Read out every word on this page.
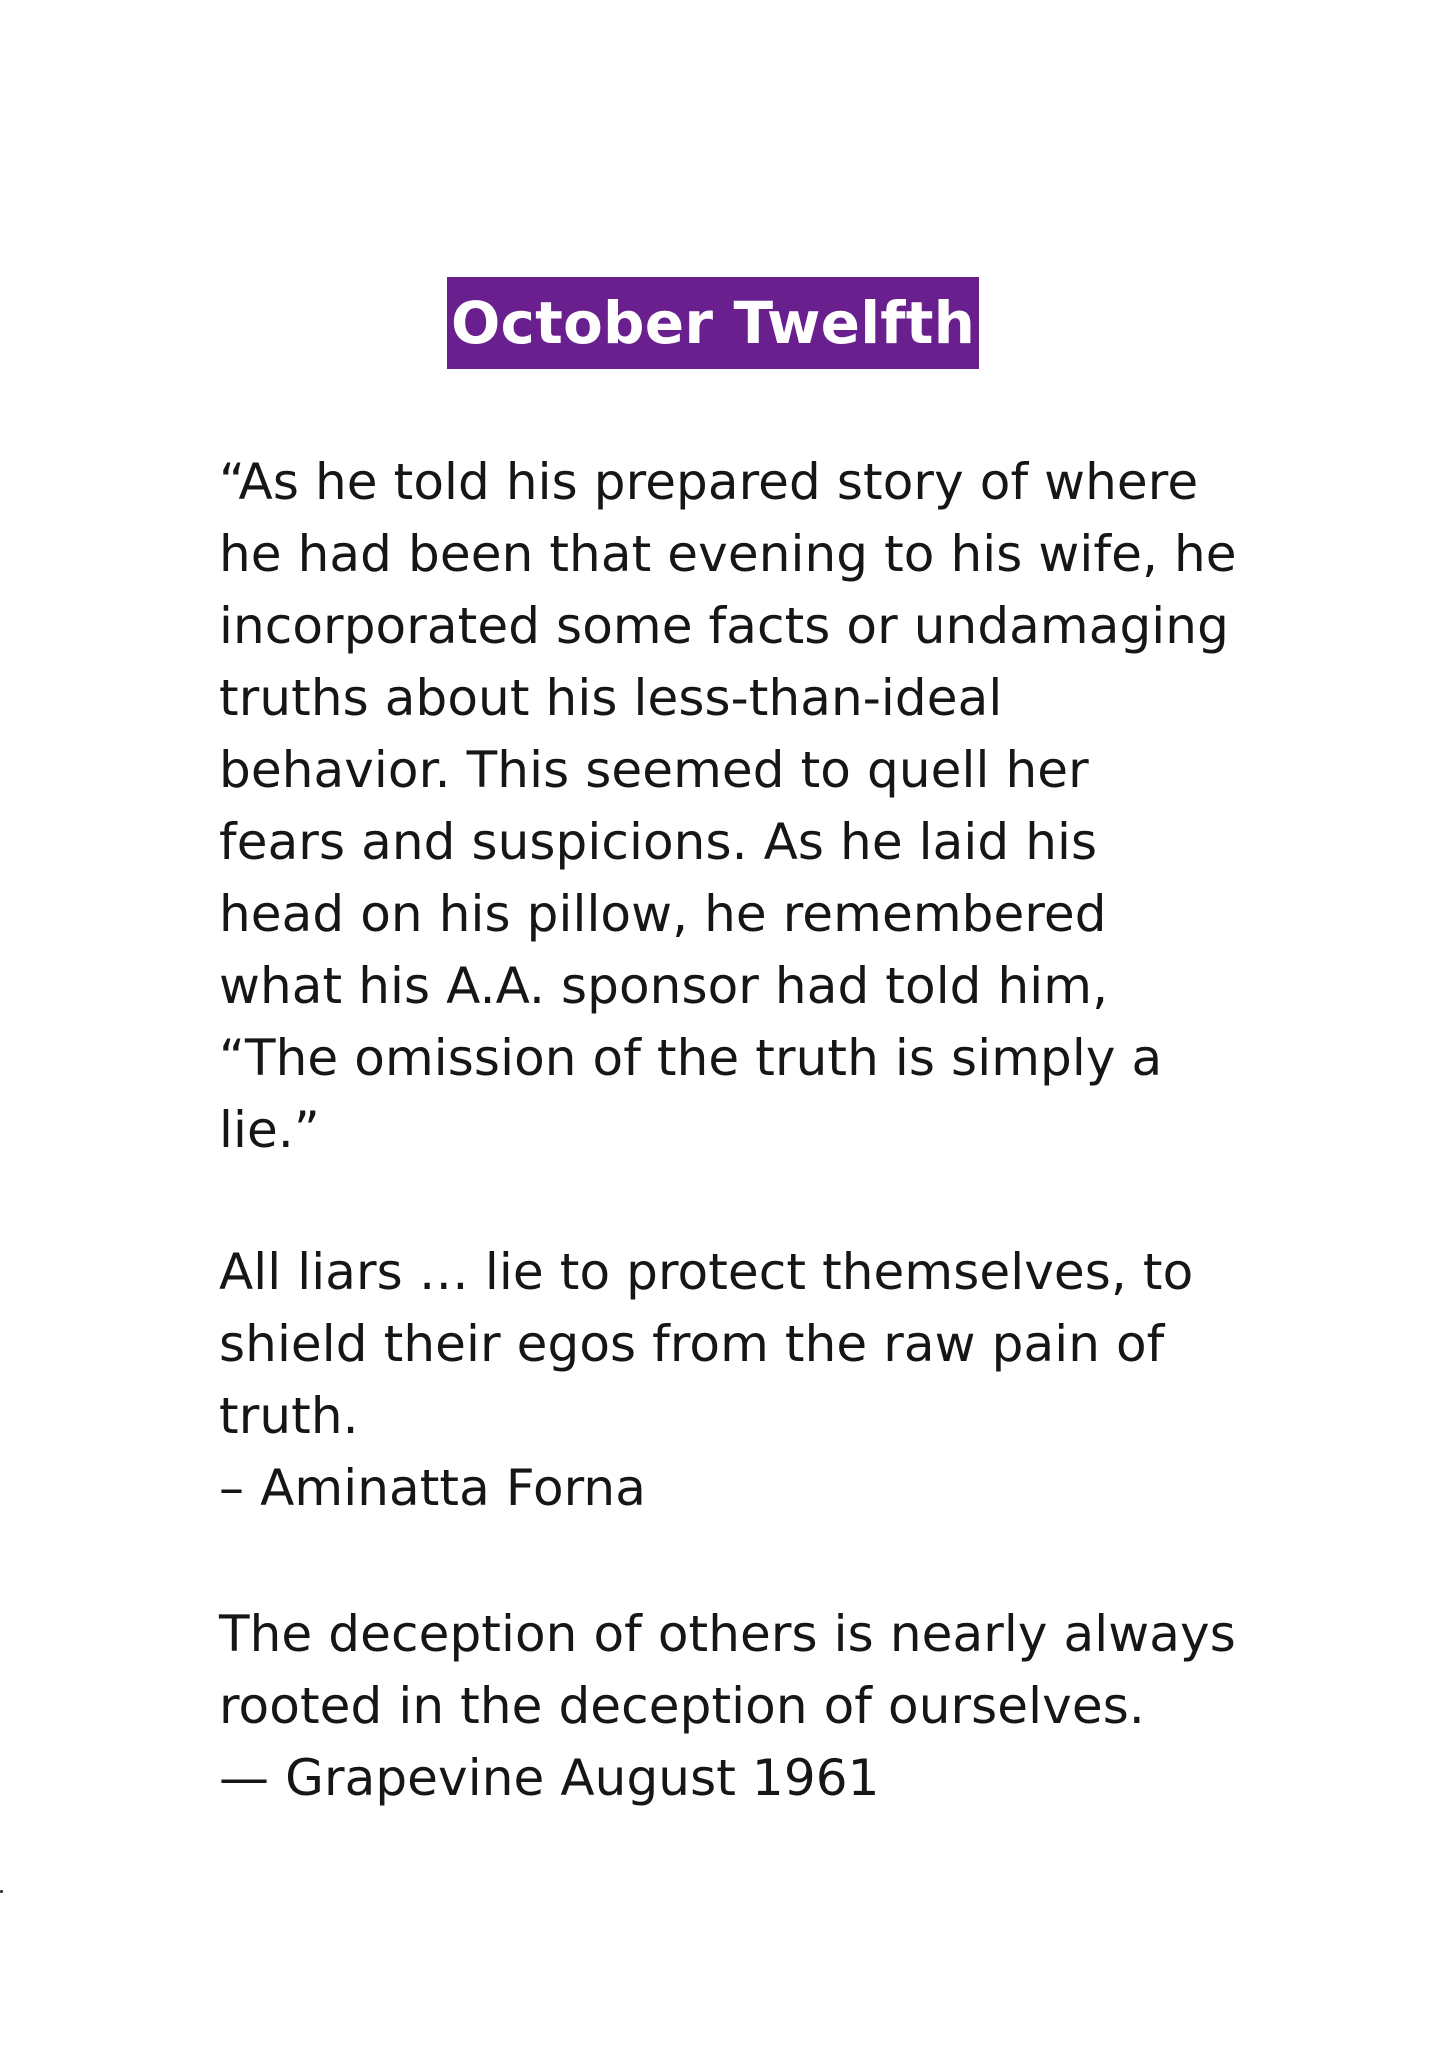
October Twelfth
“As he told his prepared story of where
he had been that evening to his wife, he
incorporated some facts or undamaging
truths about his less-than-ideal
behavior. This seemed to quell her
fears and suspicions. As he laid his
head on his pillow, he remembered
what his A.A. sponsor had told him,
“The omission of the truth is simply a
lie.”
All liars … lie to protect themselves, to
shield their egos from the raw pain of
truth.
– Aminatta Forna
The deception of others is nearly always
rooted in the deception of ourselves.
— Grapevine August 1961
